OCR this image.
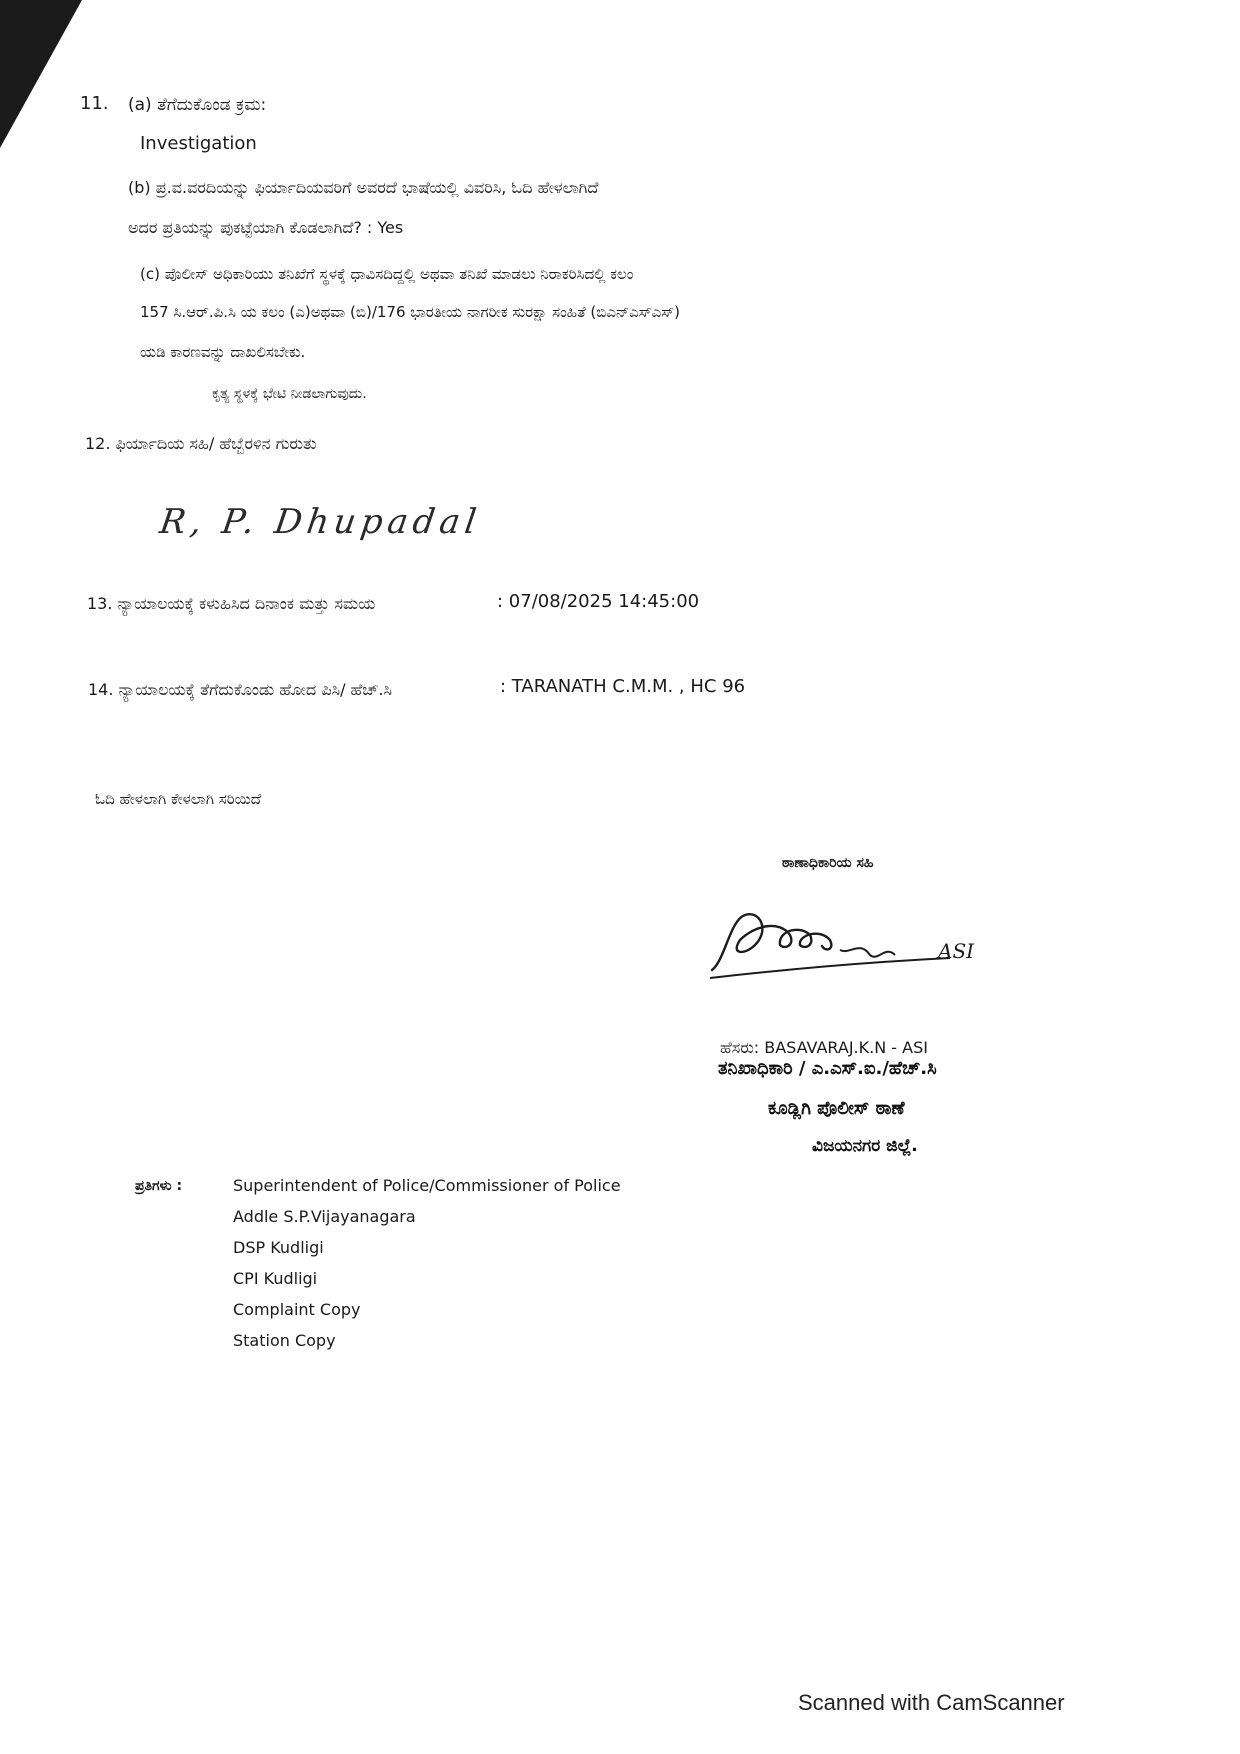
11. (a) ತೆಗೆದುಕೊಂಡ ಕ್ರಮ:
Investigation
(b) ಪ್ರ.ವ.ವರದಿಯನ್ನು ಫಿರ್ಯಾದಿಯವರಿಗೆ ಅವರದೆ ಭಾಷೆಯಲ್ಲಿ ವಿವರಿಸಿ, ಓದಿ ಹೇಳಲಾಗಿದೆ
ಅದರ ಪ್ರತಿಯನ್ನು ಪುಕಟ್ಟೆಯಾಗಿ ಕೊಡಲಾಗಿದೆ? : Yes
(c) ಪೊಲೀಸ್ ಅಧಿಕಾರಿಯು ತನಿಖೆಗೆ ಸ್ಥಳಕ್ಕೆ ಧಾವಿಸದಿದ್ದಲ್ಲಿ ಅಥವಾ ತನಿಖೆ ಮಾಡಲು ನಿರಾಕರಿಸಿದಲ್ಲಿ ಕಲಂ
157 ಸಿ.ಆರ್.ಪಿ.ಸಿ ಯ ಕಲಂ (ಎ)ಅಥವಾ (ಬಿ)/176 ಭಾರತೀಯ ನಾಗರೀಕ ಸುರಕ್ಷಾ ಸಂಹಿತೆ (ಬಿಎನ್‌ಎಸ್‌ಎಸ್)
ಯಡಿ ಕಾರಣವನ್ನು ದಾಖಲಿಸಬೇಕು.
ಕೃತ್ಯ ಸ್ಥಳಕ್ಕೆ ಭೇಟಿ ನೀಡಲಾಗುವುದು.
12. ಫಿರ್ಯಾದಿಯ ಸಹಿ/ ಹೆಬ್ಬೆರಳಿನ ಗುರುತು
R, P. Dhupadal
13. ನ್ಯಾಯಾಲಯಕ್ಕೆ ಕಳುಹಿಸಿದ ದಿನಾಂಕ ಮತ್ತು ಸಮಯ	: 07/08/2025 14:45:00
14. ನ್ಯಾಯಾಲಯಕ್ಕೆ ತೆಗೆದುಕೊಂಡು ಹೋದ ಪಿಸಿ/ ಹೆಚ್.ಸಿ	: TARANATH C.M.M. , HC 96
ಓದಿ ಹೇಳಲಾಗಿ ಕೇಳಲಾಗಿ ಸರಿಯಿದೆ
ಠಾಣಾಧಿಕಾರಿಯ ಸಹಿ
ASI
ಹೆಸರು: BASAVARAJ.K.N - ASI
ತನಿಖಾಧಿಕಾರಿ / ಎ.ಎಸ್.ಐ./ಹೆಚ್.ಸಿ
ಕೂಡ್ಲಿಗಿ ಪೊಲೀಸ್ ಠಾಣೆ
ವಿಜಯನಗರ ಜಿಲ್ಲೆ.
ಪ್ರತಿಗಳು :	Superintendent of Police/Commissioner of Police
Addle S.P.Vijayanagara
DSP Kudligi
CPI Kudligi
Complaint Copy
Station Copy
Scanned with CamScanner
